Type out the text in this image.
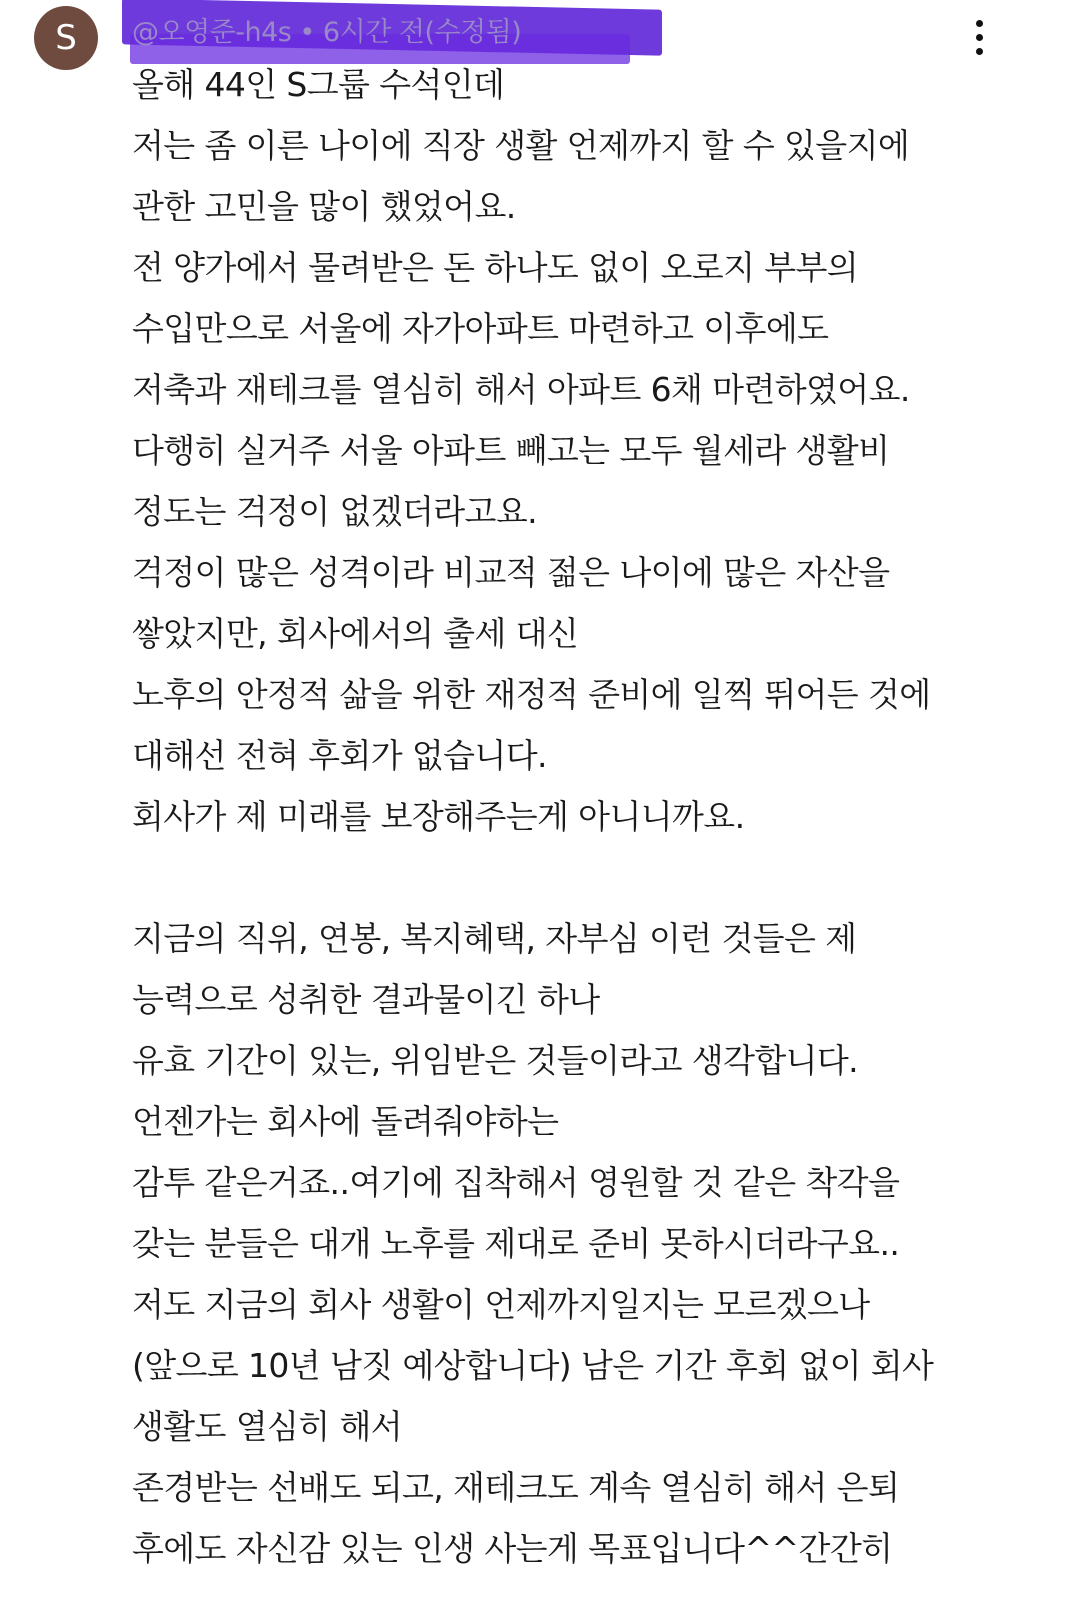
S	@오영준-h4s • 6시간 전(수정됨)
올해 44인 S그룹 수석인데
저는 좀 이른 나이에 직장 생활 언제까지 할 수 있을지에
관한 고민을 많이 했었어요.
전 양가에서 물려받은 돈 하나도 없이 오로지 부부의
수입만으로 서울에 자가아파트 마련하고 이후에도
저축과 재테크를 열심히 해서 아파트 6채 마련하였어요.
다행히 실거주 서울 아파트 빼고는 모두 월세라 생활비
정도는 걱정이 없겠더라고요.
걱정이 많은 성격이라 비교적 젊은 나이에 많은 자산을
쌓았지만, 회사에서의 출세 대신
노후의 안정적 삶을 위한 재정적 준비에 일찍 뛰어든 것에
대해선 전혀 후회가 없습니다.
회사가 제 미래를 보장해주는게 아니니까요.
지금의 직위, 연봉, 복지혜택, 자부심 이런 것들은 제
능력으로 성취한 결과물이긴 하나
유효 기간이 있는, 위임받은 것들이라고 생각합니다.
언젠가는 회사에 돌려줘야하는
감투 같은거죠..여기에 집착해서 영원할 것 같은 착각을
갖는 분들은 대개 노후를 제대로 준비 못하시더라구요..
저도 지금의 회사 생활이 언제까지일지는 모르겠으나
(앞으로 10년 남짓 예상합니다) 남은 기간 후회 없이 회사
생활도 열심히 해서
존경받는 선배도 되고, 재테크도 계속 열심히 해서 은퇴
후에도 자신감 있는 인생 사는게 목표입니다^^간간히
